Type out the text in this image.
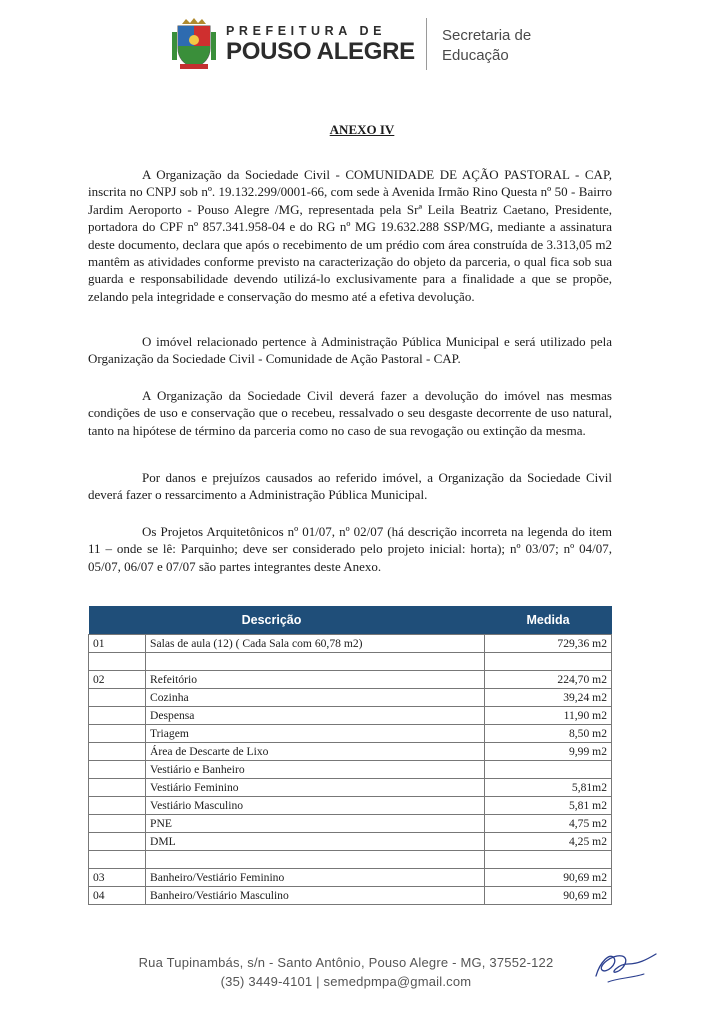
PREFEITURA DE
POUSO ALEGRE
Secretaria de
Educação
ANEXO IV

A Organização da Sociedade Civil - COMUNIDADE DE AÇÃO PASTORAL - CAP, inscrita no CNPJ sob nº. 19.132.299/0001-66, com sede à Avenida Irmão Rino Questa nº 50 - Bairro Jardim Aeroporto - Pouso Alegre /MG, representada pela Srª Leila Beatriz Caetano, Presidente, portadora do CPF nº 857.341.958-04 e do RG nº MG 19.632.288 SSP/MG, mediante a assinatura deste documento, declara que após o recebimento de um prédio com área construída de 3.313,05 m2 mantêm as atividades conforme previsto na caracterização do objeto da parceria, o qual fica sob sua guarda e responsabilidade devendo utilizá-lo exclusivamente para a finalidade a que se propõe, zelando pela integridade e conservação do mesmo até a efetiva devolução.

O imóvel relacionado pertence à Administração Pública Municipal e será utilizado pela Organização da Sociedade Civil - Comunidade de Ação Pastoral - CAP.

A Organização da Sociedade Civil deverá fazer a devolução do imóvel nas mesmas condições de uso e conservação que o recebeu, ressalvado o seu desgaste decorrente de uso natural, tanto na hipótese de término da parceria como no caso de sua revogação ou extinção da mesma.

Por danos e prejuízos causados ao referido imóvel, a Organização da Sociedade Civil deverá fazer o ressarcimento a Administração Pública Municipal.

Os Projetos Arquitetônicos nº 01/07, nº 02/07 (há descrição incorreta na legenda do item 11 – onde se lê: Parquinho; deve ser considerado pelo projeto inicial: horta); nº 03/07; nº 04/07, 05/07, 06/07 e 07/07 são partes integrantes deste Anexo.

Descrição		Medida
01	Salas de aula (12) ( Cada Sala com 60,78 m2)	729,36 m2

02	Refeitório	224,70 m2
	Cozinha	39,24 m2
	Despensa	11,90 m2
	Triagem	8,50 m2
	Área de Descarte de Lixo	9,99 m2
	Vestiário e Banheiro	
	Vestiário Feminino	5,81m2
	Vestiário Masculino	5,81 m2
	PNE	4,75 m2
	DML	4,25 m2

03	Banheiro/Vestiário Feminino	90,69 m2
04	Banheiro/Vestiário Masculino	90,69 m2
Rua Tupinambás, s/n - Santo Antônio, Pouso Alegre - MG, 37552-122
(35) 3449-4101 | semedpmpa@gmail.com
